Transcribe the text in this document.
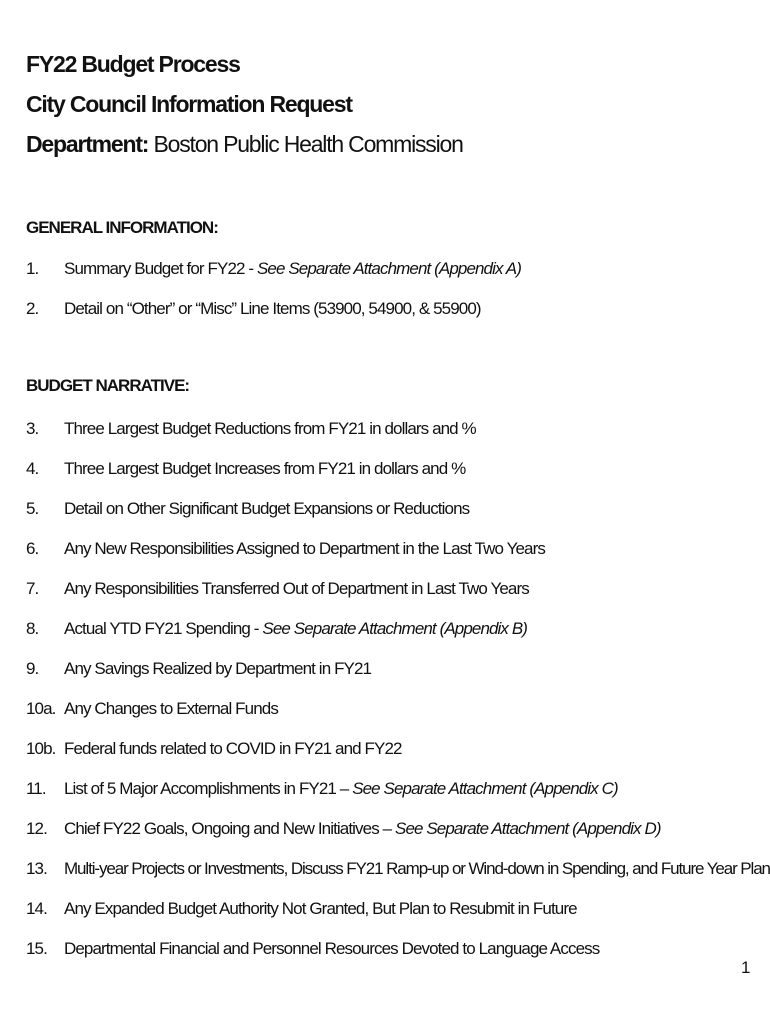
FY22 Budget Process
City Council Information Request
Department: Boston Public Health Commission
GENERAL INFORMATION:
1. Summary Budget for FY22 - See Separate Attachment (Appendix A)
2. Detail on “Other” or “Misc” Line Items (53900, 54900, & 55900)
BUDGET NARRATIVE:
3. Three Largest Budget Reductions from FY21 in dollars and %
4. Three Largest Budget Increases from FY21 in dollars and %
5. Detail on Other Significant Budget Expansions or Reductions
6. Any New Responsibilities Assigned to Department in the Last Two Years
7. Any Responsibilities Transferred Out of Department in Last Two Years
8. Actual YTD FY21 Spending - See Separate Attachment (Appendix B)
9. Any Savings Realized by Department in FY21
10a. Any Changes to External Funds
10b. Federal funds related to COVID in FY21 and FY22
11. List of 5 Major Accomplishments in FY21 – See Separate Attachment (Appendix C)
12. Chief FY22 Goals, Ongoing and New Initiatives – See Separate Attachment (Appendix D)
13. Multi-year Projects or Investments, Discuss FY21 Ramp-up or Wind-down in Spending, and Future Year Plan
14. Any Expanded Budget Authority Not Granted, But Plan to Resubmit in Future
15. Departmental Financial and Personnel Resources Devoted to Language Access
1
